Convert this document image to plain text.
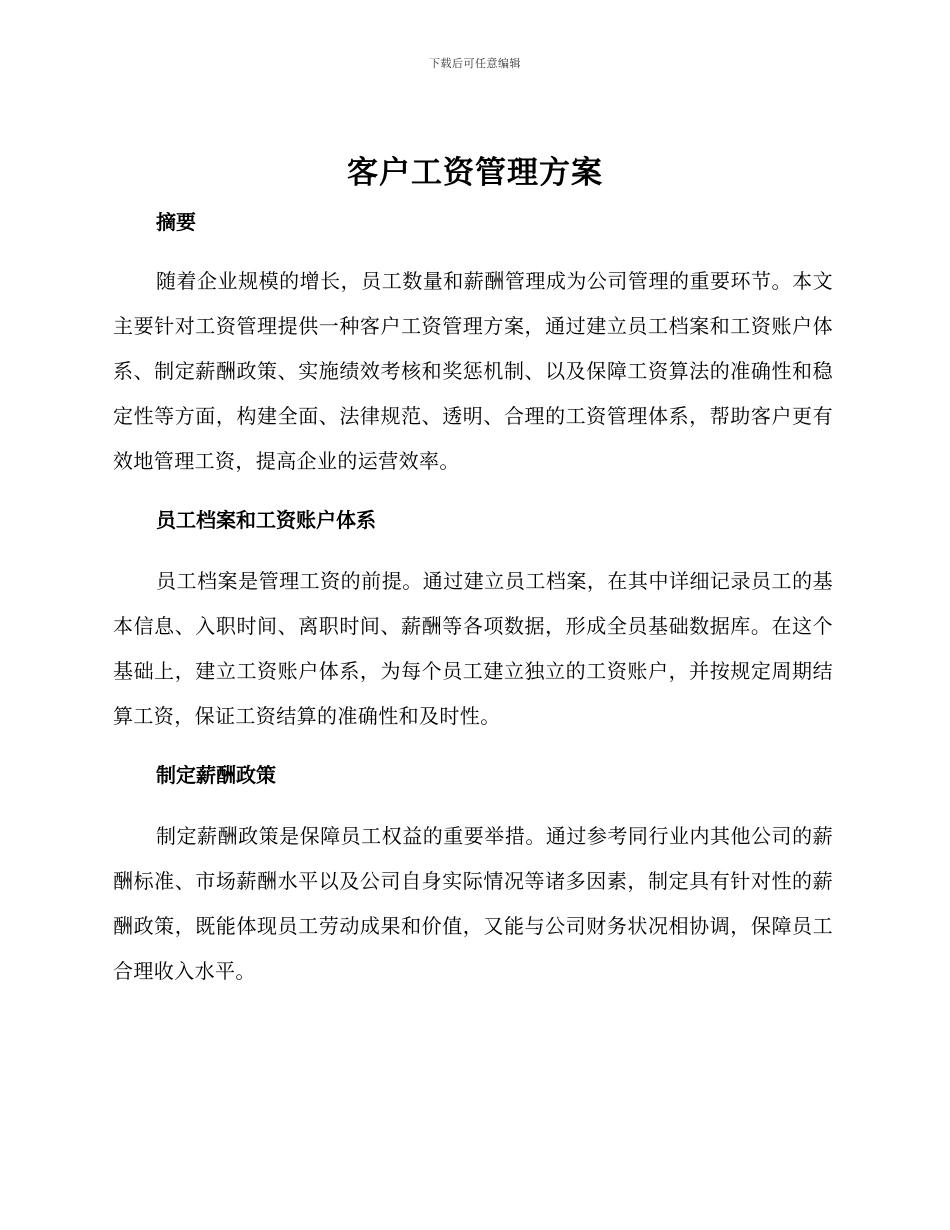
下载后可任意编辑
客户工资管理方案
摘要

随着企业规模的增长，员工数量和薪酬管理成为公司管理的重要环节。本文主要针对工资管理提供一种客户工资管理方案，通过建立员工档案和工资账户体系、制定薪酬政策、实施绩效考核和奖惩机制、以及保障工资算法的准确性和稳定性等方面，构建全面、法律规范、透明、合理的工资管理体系，帮助客户更有效地管理工资，提高企业的运营效率。

员工档案和工资账户体系

员工档案是管理工资的前提。通过建立员工档案，在其中详细记录员工的基本信息、入职时间、离职时间、薪酬等各项数据，形成全员基础数据库。在这个基础上，建立工资账户体系，为每个员工建立独立的工资账户，并按规定周期结算工资，保证工资结算的准确性和及时性。

制定薪酬政策

制定薪酬政策是保障员工权益的重要举措。通过参考同行业内其他公司的薪酬标准、市场薪酬水平以及公司自身实际情况等诸多因素，制定具有针对性的薪酬政策，既能体现员工劳动成果和价值，又能与公司财务状况相协调，保障员工合理收入水平。
